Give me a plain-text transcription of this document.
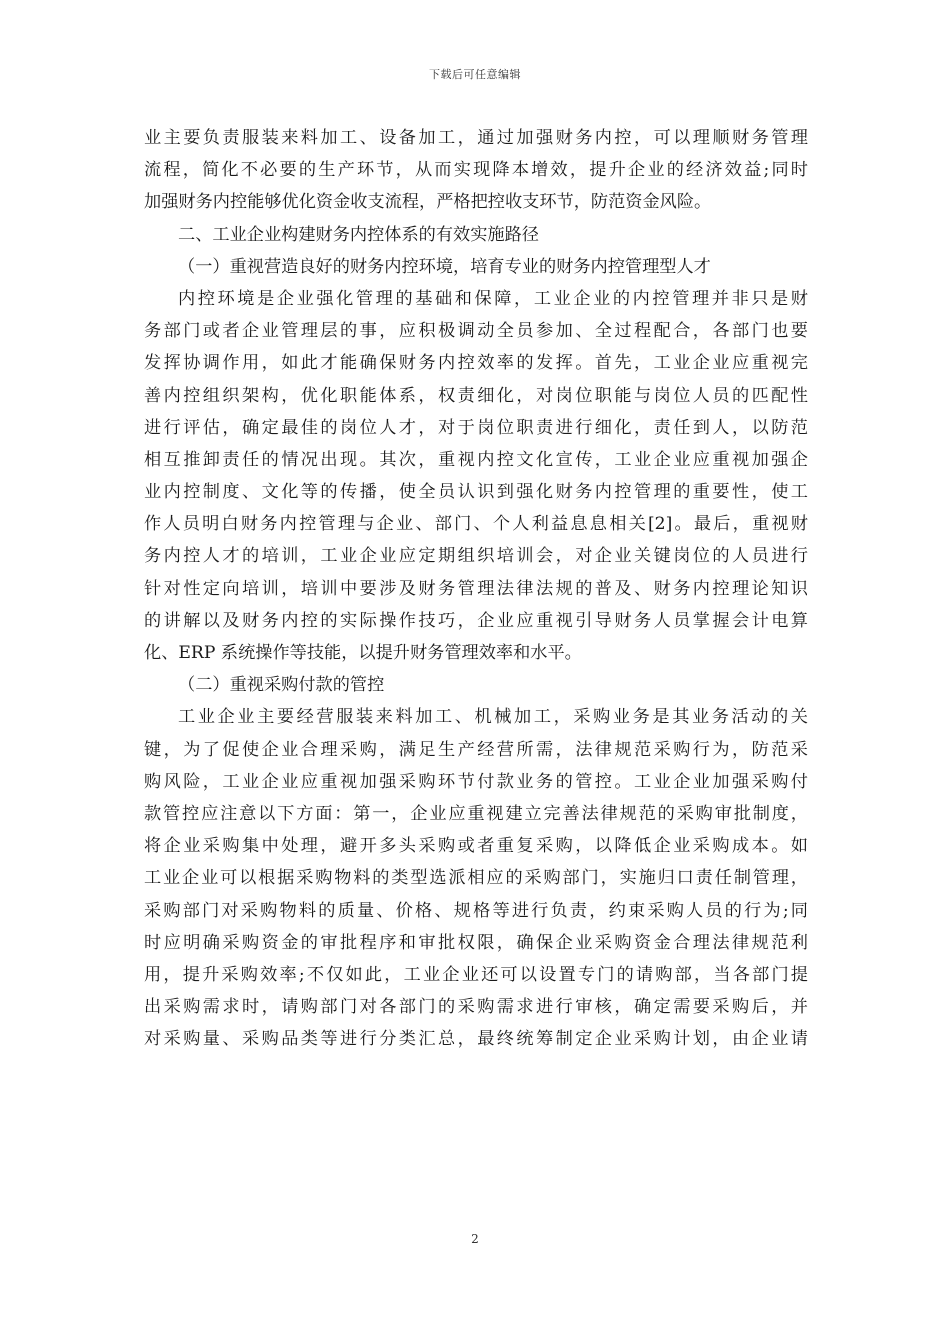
下载后可任意编辑
业主要负责服装来料加工、设备加工，通过加强财务内控，可以理顺财务管理
流程，简化不必要的生产环节，从而实现降本增效，提升企业的经济效益;同时
加强财务内控能够优化资金收支流程，严格把控收支环节，防范资金风险。
二、工业企业构建财务内控体系的有效实施路径
（一）重视营造良好的财务内控环境，培育专业的财务内控管理型人才
内控环境是企业强化管理的基础和保障，工业企业的内控管理并非只是财
务部门或者企业管理层的事，应积极调动全员参加、全过程配合，各部门也要
发挥协调作用，如此才能确保财务内控效率的发挥。首先，工业企业应重视完
善内控组织架构，优化职能体系，权责细化，对岗位职能与岗位人员的匹配性
进行评估，确定最佳的岗位人才，对于岗位职责进行细化，责任到人，以防范
相互推卸责任的情况出现。其次，重视内控文化宣传，工业企业应重视加强企
业内控制度、文化等的传播，使全员认识到强化财务内控管理的重要性，使工
作人员明白财务内控管理与企业、部门、个人利益息息相关[2]。最后，重视财
务内控人才的培训，工业企业应定期组织培训会，对企业关键岗位的人员进行
针对性定向培训，培训中要涉及财务管理法律法规的普及、财务内控理论知识
的讲解以及财务内控的实际操作技巧，企业应重视引导财务人员掌握会计电算
化、ERP 系统操作等技能，以提升财务管理效率和水平。
（二）重视采购付款的管控
工业企业主要经营服装来料加工、机械加工，采购业务是其业务活动的关
键，为了促使企业合理采购，满足生产经营所需，法律规范采购行为，防范采
购风险，工业企业应重视加强采购环节付款业务的管控。工业企业加强采购付
款管控应注意以下方面：第一，企业应重视建立完善法律规范的采购审批制度，
将企业采购集中处理，避开多头采购或者重复采购，以降低企业采购成本。如
工业企业可以根据采购物料的类型选派相应的采购部门，实施归口责任制管理，
采购部门对采购物料的质量、价格、规格等进行负责，约束采购人员的行为;同
时应明确采购资金的审批程序和审批权限，确保企业采购资金合理法律规范利
用，提升采购效率;不仅如此，工业企业还可以设置专门的请购部，当各部门提
出采购需求时，请购部门对各部门的采购需求进行审核，确定需要采购后，并
对采购量、采购品类等进行分类汇总，最终统筹制定企业采购计划，由企业请
2
